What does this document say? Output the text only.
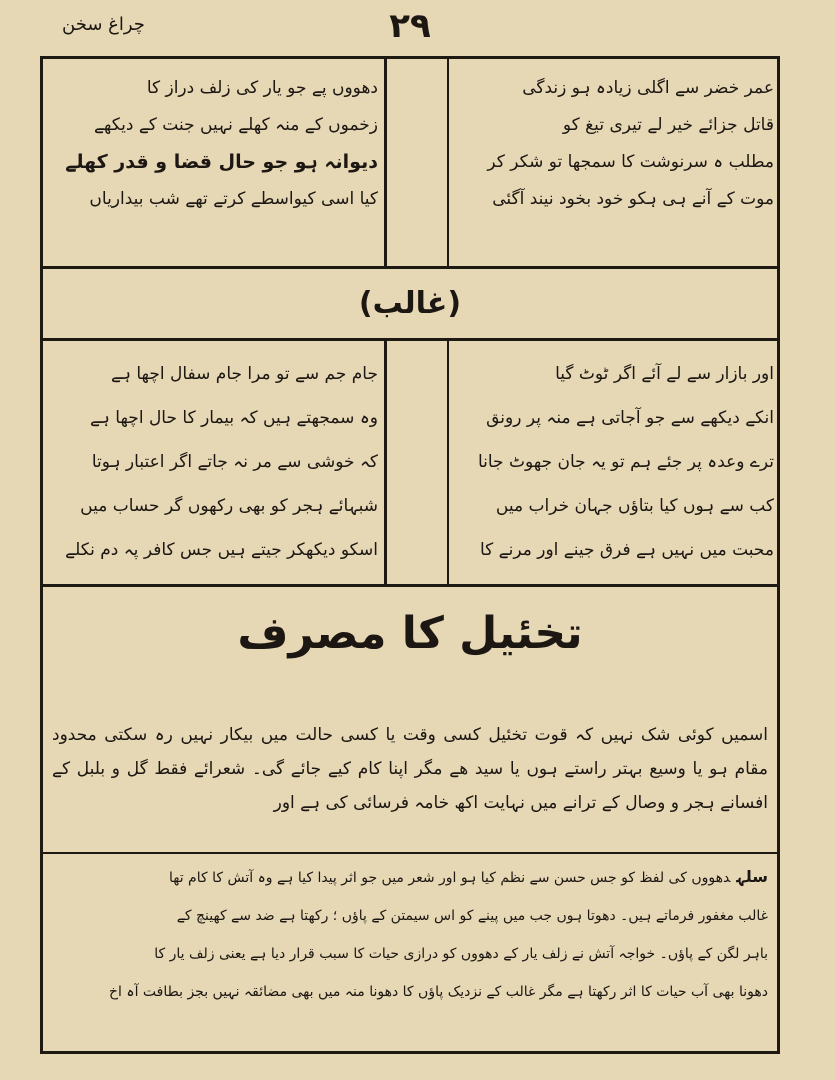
۲۹
چراغ سخن
عمر خضر سے اگلی زیادہ ہو زندگی
قاتل جزائے خیر لے تیری تیغ کو
مطلب ہ سرنوشت کا سمجھا تو شکر کر
موت کے آنے ہی ہکو خود بخود نیند آگئی
دھووں پے جو یار کی زلف دراز کا
زخموں کے منہ کھلے نہیں جنت کے دیکھے
دیوانہ ہو جو حال قضا و قدر کھلے
کیا اسی کیواسطے کرتے تھے شب بیداریاں
(غالب)
اور بازار سے لے آئے اگر ٹوٹ گیا
انکے دیکھے سے جو آجاتی ہے منہ پر رونق
ترے وعدہ پر جئے ہم تو یہ جان جھوٹ جانا
کب سے ہوں کیا بتاؤں جہان خراب میں
محبت میں نہیں ہے فرق جینے اور مرنے کا
جام جم سے تو مرا جام سفال اچھا ہے
وہ سمجھتے ہیں کہ بیمار کا حال اچھا ہے
کہ خوشی سے مر نہ جاتے اگر اعتبار ہوتا
شبہائے ہجر کو بھی رکھوں گر حساب میں
اسکو دیکھکر جیتے ہیں جس کافر پہ دم نکلے
تخئیل کا مصرف

اسمیں کوئی شک نہیں کہ قوت تخئیل کسی وقت یا کسی حالت میں بیکار نہیں رہ سکتی محدود مقام ہو یا وسیع بہتر راستے ہوں یا سید ھے مگر اپنا کام کیے جائے گی۔ شعرائے فقط گل و بلبل کے افسانے ہجر و وصال کے ترانے میں نہایت اکھ خامہ فرسائی کی ہے اور

سلہدھووں کی لفظ کو جس حسن سے نظم کیا ہو اور شعر میں جو اثر پیدا کیا ہے وہ آتش کا کام تھا
غالب مغفور فرماتے ہیں۔ دھوتا ہوں جب میں پینے کو اس سیمتن کے پاؤں ؛ رکھتا ہے ضد سے کھینچ کے
باہر لگن کے پاؤں۔ خواجہ آتش نے زلف یار کے دھووں کو درازی حیات کا سبب قرار دیا ہے یعنی زلف یار کا
دھونا بھی آب حیات کا اثر رکھتا ہے مگر غالب کے نزدیک پاؤں کا دھونا منہ میں بھی مضائقہ نہیں بجز بطافت آہ اخ
